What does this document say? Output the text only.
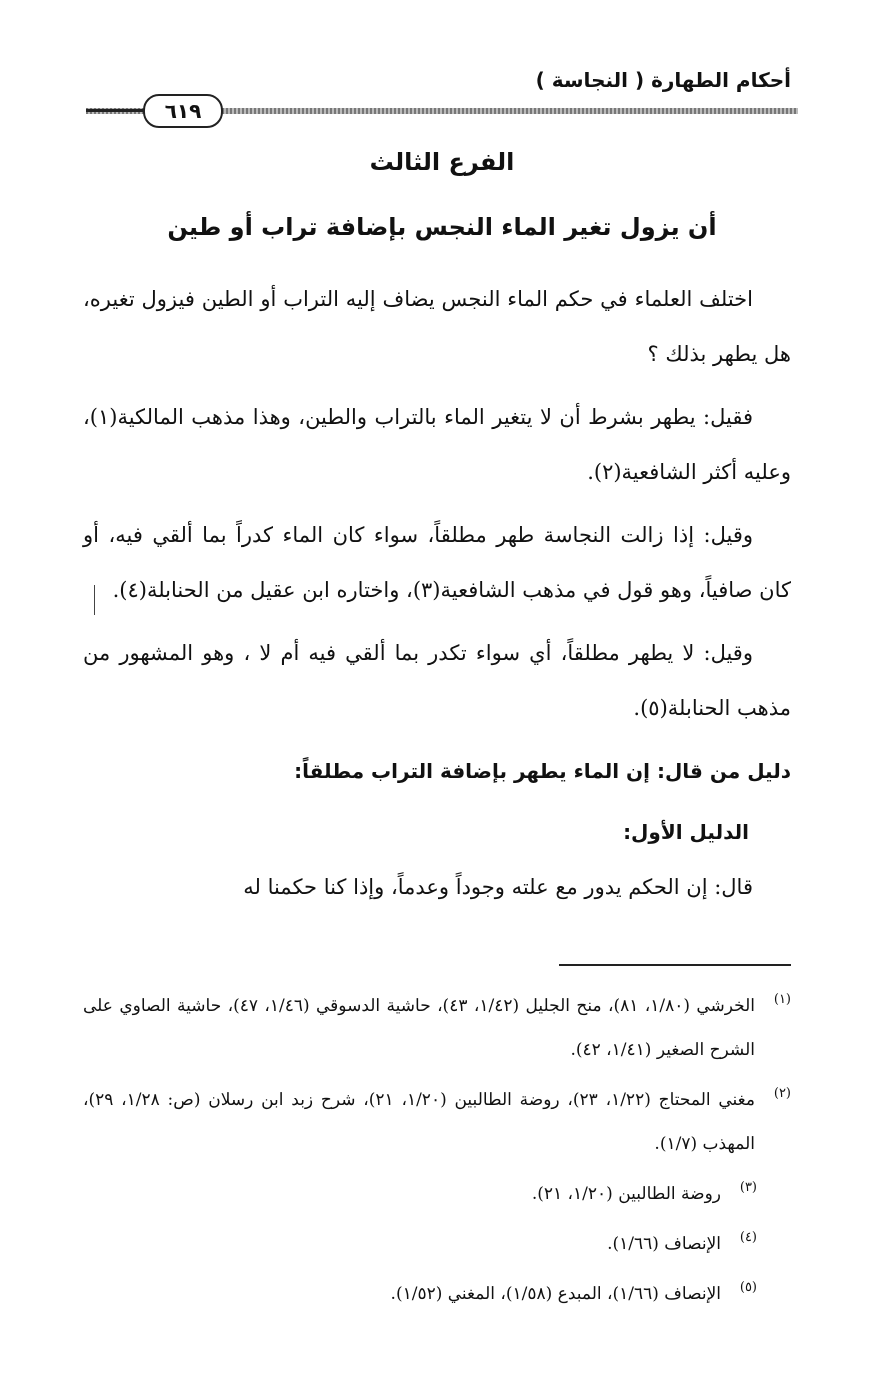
أحكام الطهارة ( النجاسة )
٦١٩
الفرع الثالث
أن يزول تغير الماء النجس بإضافة تراب أو طين

اختلف العلماء في حكم الماء النجس يضاف إليه التراب أو الطين فيزول تغيره، هل يطهر بذلك ؟

فقيل: يطهر بشرط أن لا يتغير الماء بالتراب والطين، وهذا مذهب المالكية(١)، وعليه أكثر الشافعية(٢).

وقيل: إذا زالت النجاسة طهر مطلقاً، سواء كان الماء كدراً بما ألقي فيه، أو كان صافياً، وهو قول في مذهب الشافعية(٣)، واختاره ابن عقيل من الحنابلة(٤).

وقيل: لا يطهر مطلقاً، أي سواء تكدر بما ألقي فيه أم لا ، وهو المشهور من مذهب الحنابلة(٥).

دليل من قال: إن الماء يطهر بإضافة التراب مطلقاً:
الدليل الأول:

قال: إن الحكم يدور مع علته وجوداً وعدماً، وإذا كنا حكمنا له

(١)
الخرشي (١/٨٠، ٨١)، منح الجليل (١/٤٢، ٤٣)، حاشية الدسوقي (١/٤٦، ٤٧)، حاشية الصاوي على الشرح الصغير (١/٤١، ٤٢).
(٢)
مغني المحتاج (١/٢٢، ٢٣)، روضة الطالبين (١/٢٠، ٢١)، شرح زبد ابن رسلان (ص: ١/٢٨، ٢٩)، المهذب (١/٧).
(٣)
روضة الطالبين (١/٢٠، ٢١).
(٤)
الإنصاف (١/٦٦).
(٥)
الإنصاف (١/٦٦)، المبدع (١/٥٨)، المغني (١/٥٢).
